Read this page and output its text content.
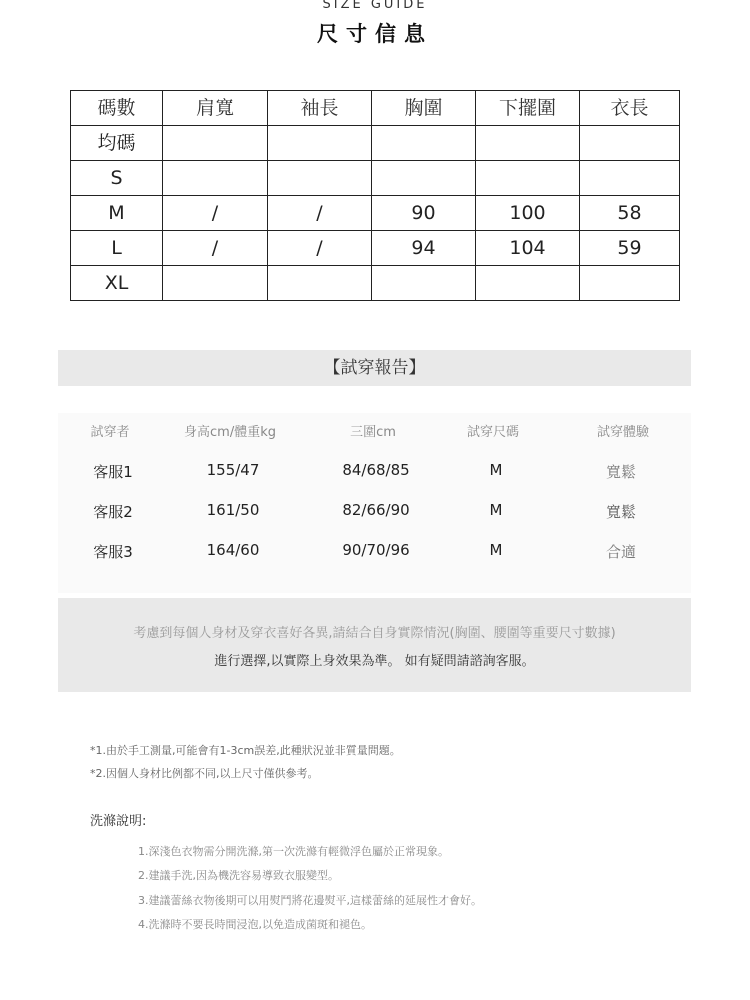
SIZE GUIDE
尺寸信息
碼數	肩寬	袖長	胸圍	下擺圍	衣長
均碼					
S					
M	/	/	90	100	58
L	/	/	94	104	59
XL					
【試穿報告】
試穿者	身高cm/體重kg	三圍cm	試穿尺碼	試穿體驗
客服1	155/47	84/68/85	M	寬鬆
客服2	161/50	82/66/90	M	寬鬆
客服3	164/60	90/70/96	M	合適
考慮到每個人身材及穿衣喜好各異,請結合自身實際情況(胸圍、腰圍等重要尺寸數據)
進行選擇,以實際上身效果為準。 如有疑問請諮詢客服。
*1.由於手工測量,可能會有1-3cm誤差,此種狀況並非質量問題。
*2.因個人身材比例都不同,以上尺寸僅供參考。
洗滌說明:
1.深淺色衣物需分開洗滌,第一次洗滌有輕微浮色屬於正常現象。
2.建議手洗,因為機洗容易導致衣服變型。
3.建議蕾絲衣物後期可以用熨鬥將花邊熨平,這樣蕾絲的延展性才會好。
4.洗滌時不要長時間浸泡,以免造成菌斑和褪色。
